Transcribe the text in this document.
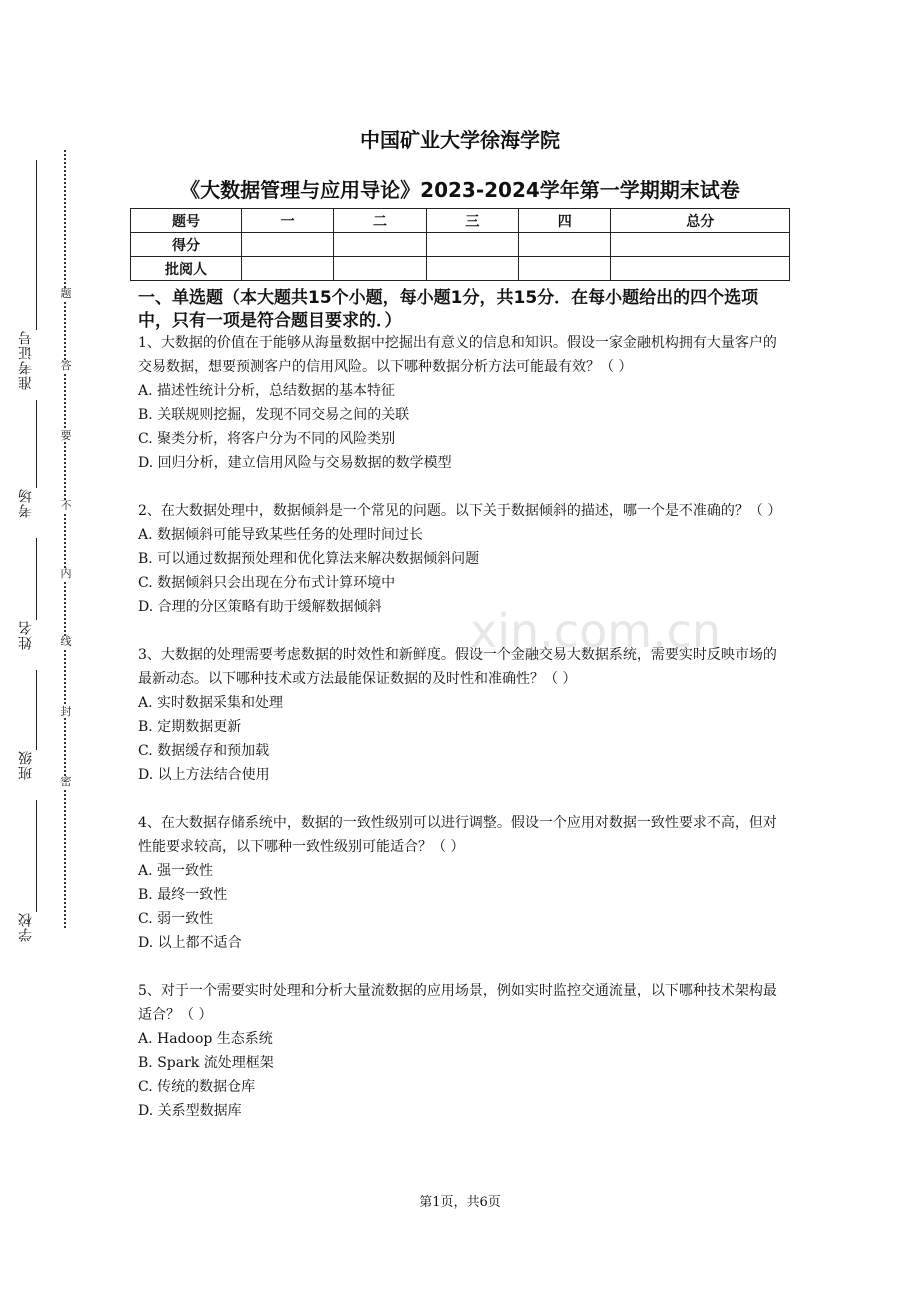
准考证号
考场
姓名
班级
学校
题
答
要
不
内
线
封
密
中国矿业大学徐海学院
《大数据管理与应用导论》2023-2024学年第一学期期末试卷
题号	一	二	三	四	总分
得分					
批阅人					
一、单选题（本大题共15个小题，每小题1分，共15分．在每小题给出的四个选项中，只有一项是符合题目要求的．）

1、大数据的价值在于能够从海量数据中挖掘出有意义的信息和知识。假设一家金融机构拥有大量客户的交易数据，想要预测客户的信用风险。以下哪种数据分析方法可能最有效？（ ）

A. 描述性统计分析，总结数据的基本特征

B. 关联规则挖掘，发现不同交易之间的关联

C. 聚类分析，将客户分为不同的风险类别

D. 回归分析，建立信用风险与交易数据的数学模型

2、在大数据处理中，数据倾斜是一个常见的问题。以下关于数据倾斜的描述，哪一个是不准确的？（ ）

A. 数据倾斜可能导致某些任务的处理时间过长

B. 可以通过数据预处理和优化算法来解决数据倾斜问题

C. 数据倾斜只会出现在分布式计算环境中

D. 合理的分区策略有助于缓解数据倾斜

3、大数据的处理需要考虑数据的时效性和新鲜度。假设一个金融交易大数据系统，需要实时反映市场的最新动态。以下哪种技术或方法最能保证数据的及时性和准确性？（ ）

A. 实时数据采集和处理

B. 定期数据更新

C. 数据缓存和预加载

D. 以上方法结合使用

4、在大数据存储系统中，数据的一致性级别可以进行调整。假设一个应用对数据一致性要求不高，但对性能要求较高，以下哪种一致性级别可能适合？（ ）

A. 强一致性

B. 最终一致性

C. 弱一致性

D. 以上都不适合

5、对于一个需要实时处理和分析大量流数据的应用场景，例如实时监控交通流量，以下哪种技术架构最适合？（ ）

A. Hadoop 生态系统

B. Spark 流处理框架

C. 传统的数据仓库

D. 关系型数据库

xin.com.cn
第1页，共6页
